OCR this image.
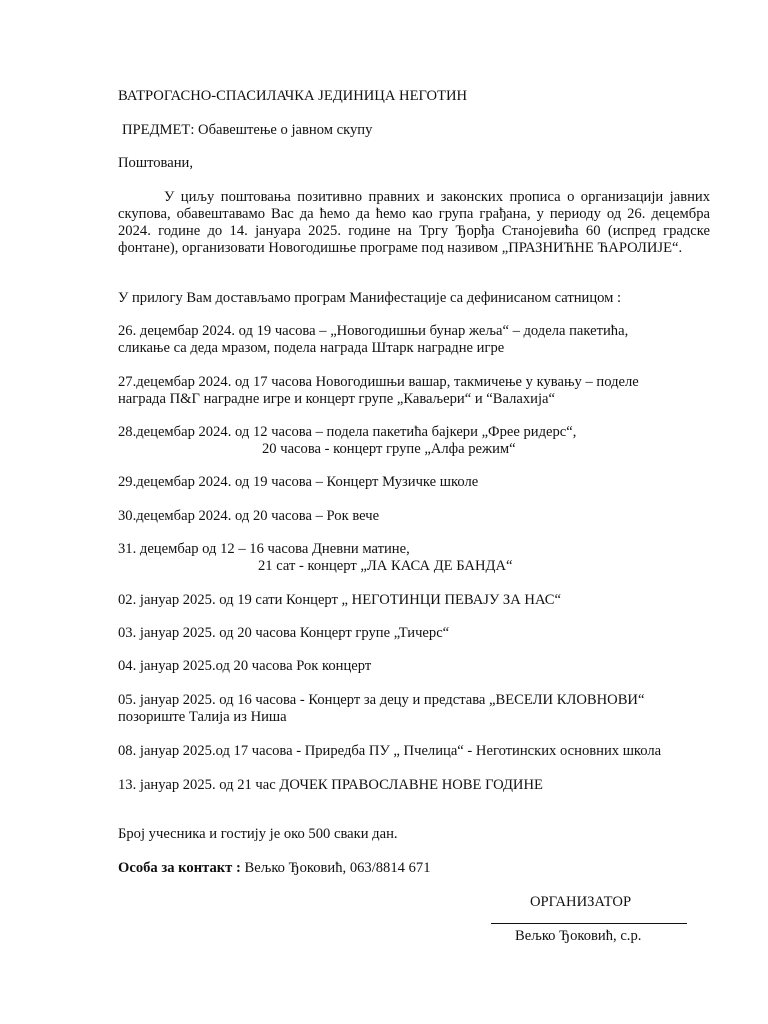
ВАТРОГАСНО-СПАСИЛАЧКА ЈЕДИНИЦА НЕГОТИН
ПРЕДМЕТ: Обавештење о јавном скупу
Поштовани,
У циљу поштовања позитивно правних и законских прописа о организацији јавних скупова, обавештавамо Вас да ћемо да ћемо као група грађана, у периоду од 26. децембра 2024. године до 14. јануара 2025. године на Тргу Ђорђа Станојевића 60 (испред градске фонтане), организовати Новогодишње програме под називом „ПРАЗНИЋНЕ ЋАРОЛИЈЕ“.
У прилогу Вам достављамо програм Манифестације са дефинисаном сатницом :
26. децембар 2024. од 19 часова – „Новогодишњи бунар жеља“ – додела пакетића,
сликање са деда мразом, подела награда Штарк наградне игре
27.децембар 2024. од 17 часова Новогодишњи вашар, такмичење у кувању – поделе
награда П&Г наградне игре и концерт групе „Каваљери“ и “Валахија“
28.децембар 2024. од 12 часова – подела пакетића бајкери „Фрее ридерс“,
20 часова - концерт групе „Алфа режим“
29.децембар 2024. од 19 часова – Концерт Музичке школе
30.децембар 2024. од 20 часова – Рок вече
31. децембар од 12 – 16 часова Дневни матине,
21 сат - концерт „ЛА КАСА ДЕ БАНДА“
02. јануар 2025. од 19 сати Концерт „ НЕГОТИНЦИ ПЕВАЈУ ЗА НАС“
03. јануар 2025. од 20 часова Концерт групе „Тичерс“
04. јануар 2025.од 20 часова Рок концерт
05. јануар 2025. од 16 часова - Концерт за децу и представа „ВЕСЕЛИ КЛОВНОВИ“
позориште Талија из Ниша
08. јануар 2025.од 17 часова - Приредба ПУ „ Пчелица“ - Неготинских основних школа
13. јануар 2025. од 21 час ДОЧЕК ПРАВОСЛАВНЕ НОВЕ ГОДИНЕ
Број учесника и гостију је око 500 сваки дан.
Особа за контакт : Вељко Ђоковић, 063/8814 671
ОРГАНИЗАТОР
Вељко Ђоковић, с.р.
